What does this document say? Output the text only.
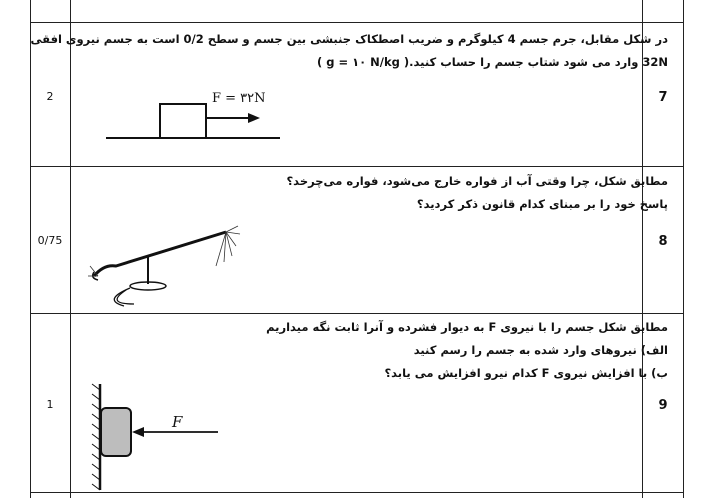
7
2

در شکل مقابل، جرم جسم 4 کیلوگرم و ضریب اصطکاک جنبشی بین جسم و سطح 0/2 است به جسم نیروی افقی

32N وارد می شود شتاب جسم را حساب کنید.( g = ۱۰ N/kg )

F = ۳۲N
8
0/75

مطابق شکل، چرا وقتی آب از فواره خارج می‌شود، فواره می‌چرخد؟

پاسخ خود را بر مبنای کدام قانون ذکر کردید؟

9
1

مطابق شکل جسم را با نیروی F به دیوار فشرده و آنرا ثابت نگه میداریم

الف) نیروهای وارد شده به جسم را رسم کنید

ب) با افزایش نیروی F کدام نیرو افزایش می یابد؟

F
